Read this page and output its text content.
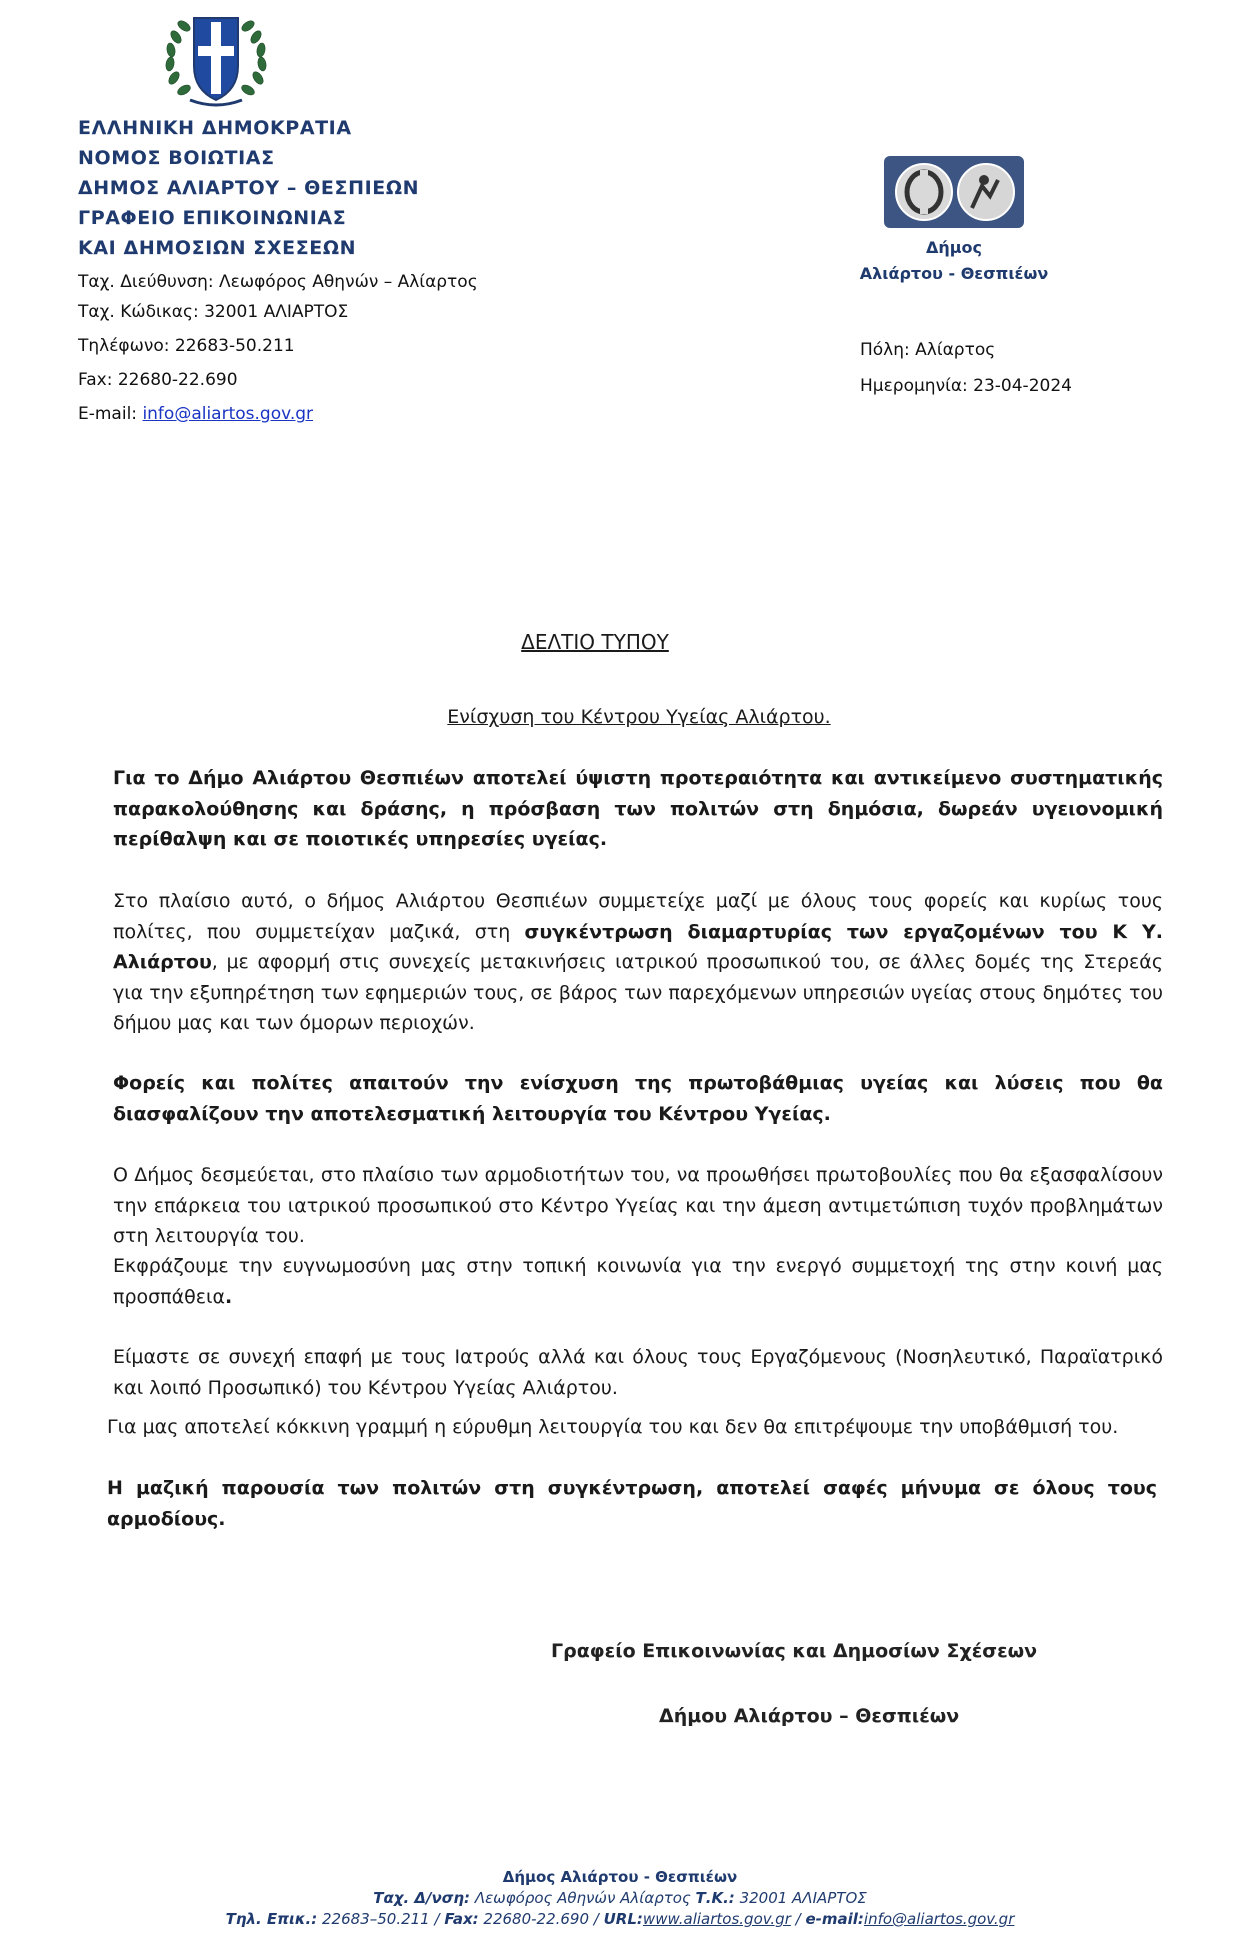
ΕΛΛΗΝΙΚΗ ΔΗΜΟΚΡΑΤΙΑ
ΝΟΜΟΣ ΒΟΙΩΤΙΑΣ
ΔΗΜΟΣ ΑΛΙΑΡΤΟΥ – ΘΕΣΠΙΕΩΝ
ΓΡΑΦΕΙΟ ΕΠΙΚΟΙΝΩΝΙΑΣ
ΚΑΙ ΔΗΜΟΣΙΩΝ ΣΧΕΣΕΩΝ
Ταχ. Διεύθυνση: Λεωφόρος Αθηνών – Αλίαρτος
Ταχ. Κώδικας: 32001 ΑΛΙΑΡΤΟΣ
Τηλέφωνο: 22683-50.211
Fax: 22680-22.690
E-mail: info@aliartos.gov.gr
Δήμος
Αλιάρτου - Θεσπιέων
Πόλη: Αλίαρτος
Ημερομηνία: 23-04-2024
ΔΕΛΤΙΟ ΤΥΠΟΥ
Ενίσχυση του Κέντρου Υγείας Αλιάρτου.

Για το Δήμο Αλιάρτου Θεσπιέων αποτελεί ύψιστη προτεραιότητα και αντικείμενο συστηματικής παρακολούθησης και δράσης, η πρόσβαση των πολιτών στη δημόσια, δωρεάν υγειονομική περίθαλψη και σε ποιοτικές υπηρεσίες υγείας.

Στο πλαίσιο αυτό, ο δήμος Αλιάρτου Θεσπιέων συμμετείχε μαζί με όλους τους φορείς και κυρίως τους πολίτες, που συμμετείχαν μαζικά, στη συγκέντρωση διαμαρτυρίας των εργαζομένων του Κ Υ. Αλιάρτου, με αφορμή στις συνεχείς μετακινήσεις ιατρικού προσωπικού του, σε άλλες δομές της Στερεάς για την εξυπηρέτηση των εφημεριών τους, σε βάρος των παρεχόμενων υπηρεσιών υγείας στους δημότες του δήμου μας και των όμορων περιοχών.

Φορείς και πολίτες απαιτούν την ενίσχυση της πρωτοβάθμιας υγείας και λύσεις που θα διασφαλίζουν την αποτελεσματική λειτουργία του Κέντρου Υγείας.

Ο Δήμος δεσμεύεται, στο πλαίσιο των αρμοδιοτήτων του, να προωθήσει πρωτοβουλίες που θα εξασφαλίσουν την επάρκεια του ιατρικού προσωπικού στο Κέντρο Υγείας και την άμεση αντιμετώπιση τυχόν προβλημάτων στη λειτουργία του.

Εκφράζουμε την ευγνωμοσύνη μας στην τοπική κοινωνία για την ενεργό συμμετοχή της στην κοινή μας προσπάθεια.

Είμαστε σε συνεχή επαφή με τους Ιατρούς αλλά και όλους τους Εργαζόμενους (Νοσηλευτικό, Παραϊατρικό και λοιπό Προσωπικό) του Κέντρου Υγείας Αλιάρτου.

Για μας αποτελεί κόκκινη γραμμή η εύρυθμη λειτουργία του και δεν θα επιτρέψουμε την υποβάθμισή του.

Η μαζική παρουσία των πολιτών στη συγκέντρωση, αποτελεί σαφές μήνυμα σε όλους τους αρμοδίους.

Γραφείο Επικοινωνίας και Δημοσίων Σχέσεων
Δήμου Αλιάρτου – Θεσπιέων
Δήμος Αλιάρτου - Θεσπιέων
Ταχ. Δ/νση: Λεωφόρος Αθηνών Αλίαρτος Τ.Κ.: 32001 ΑΛΙΑΡΤΟΣ
Τηλ. Επικ.: 22683–50.211 / Fax: 22680-22.690 / URL:www.aliartos.gov.gr / e-mail:info@aliartos.gov.gr
